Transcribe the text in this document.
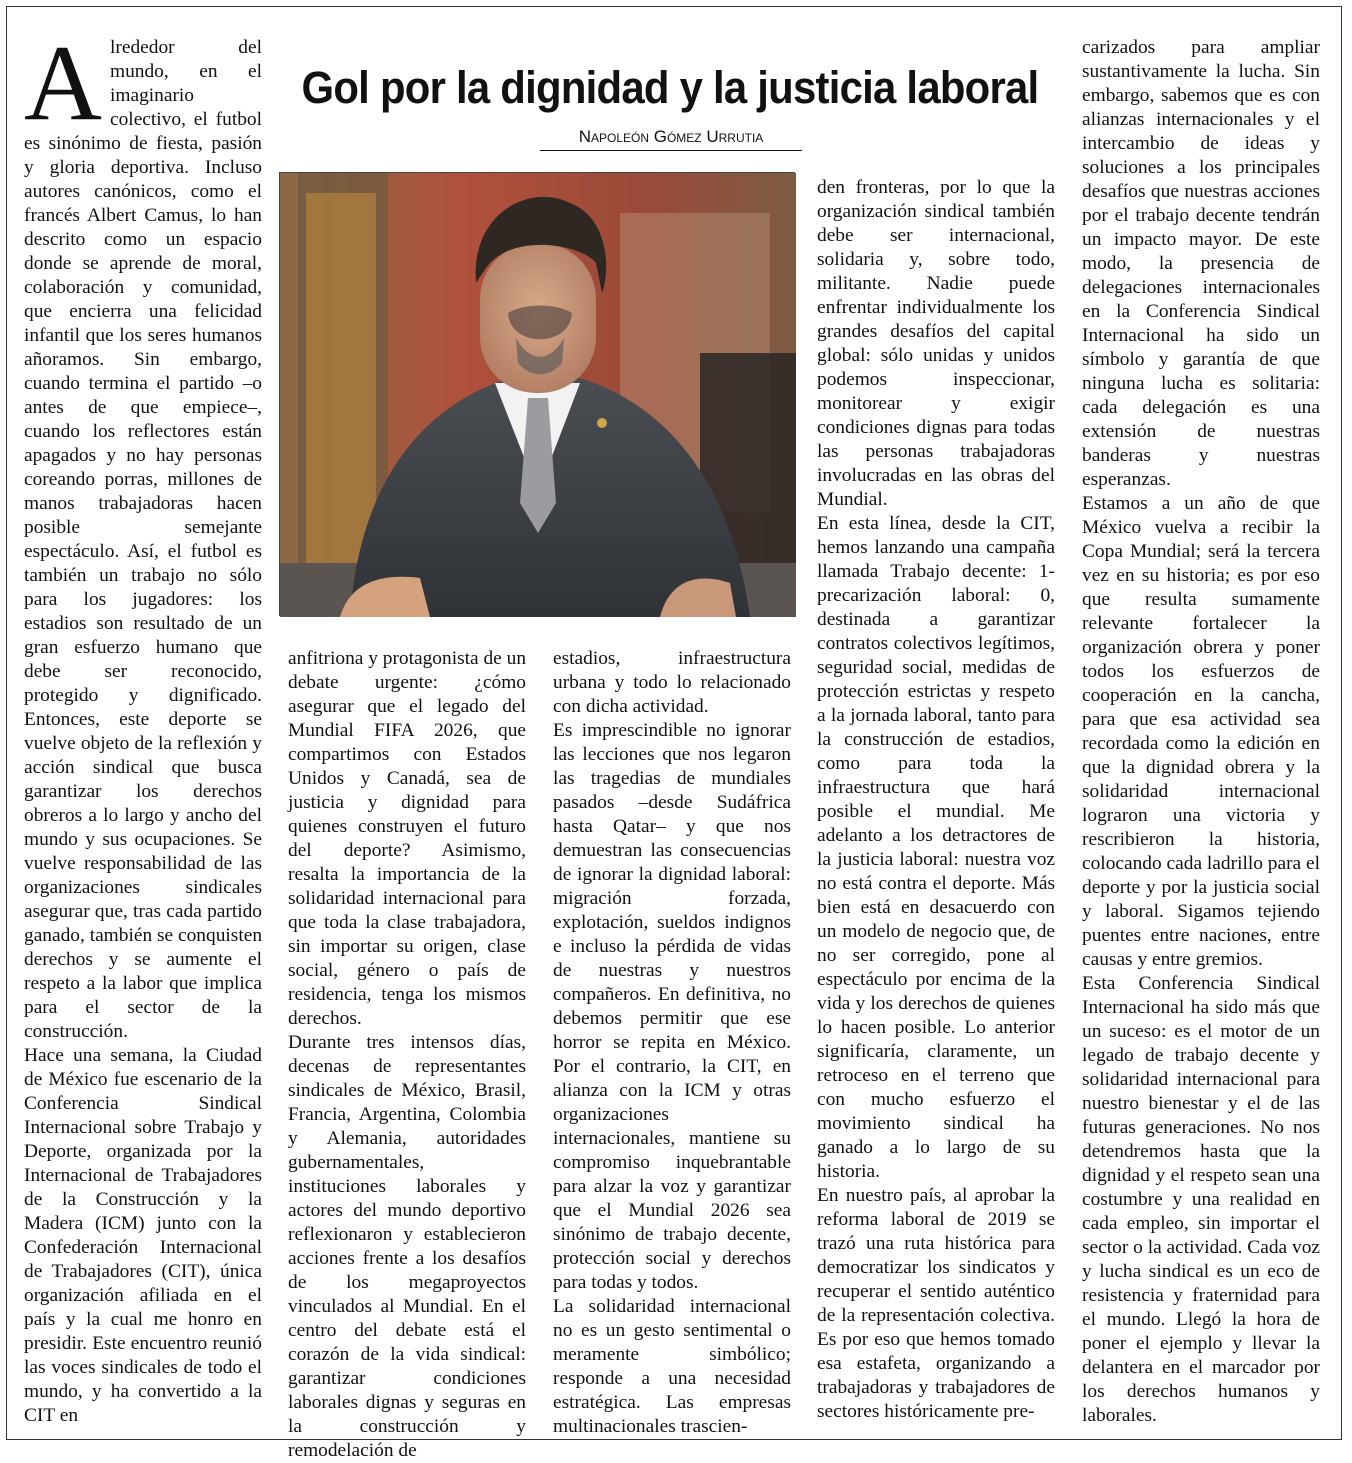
Gol por la dignidad y la justicia laboral
Napoleón Gómez Urrutia
A lrededor del mundo, en el imaginario colectivo, el futbol es sinónimo de fiesta, pasión y gloria deportiva. Incluso autores canónicos, como el francés Albert Camus, lo han descrito como un espacio donde se aprende de moral, colaboración y comunidad, que encierra una felicidad infantil que los seres humanos añoramos. Sin embargo, cuando termina el partido –o antes de que empiece–, cuando los reflectores están apagados y no hay personas coreando porras, millones de manos trabajadoras hacen posible semejante espectáculo. Así, el futbol es también un trabajo no sólo para los jugadores: los estadios son resultado de un gran esfuerzo humano que debe ser reconocido, protegido y dignificado. Entonces, este deporte se vuelve objeto de la reflexión y acción sindical que busca garantizar los derechos obreros a lo largo y ancho del mundo y sus ocupaciones. Se vuelve responsabilidad de las organizaciones sindicales asegurar que, tras cada partido ganado, también se conquisten derechos y se aumente el respeto a la labor que implica para el sector de la construcción.

Hace una semana, la Ciudad de México fue escenario de la Conferencia Sindical Internacional sobre Trabajo y Deporte, organizada por la Internacional de Trabajadores de la Construcción y la Madera (ICM) junto con la Confederación Internacional de Trabajadores (CIT), única organización afiliada en el país y la cual me honro en presidir. Este encuentro reunió las voces sindicales de todo el mundo, y ha convertido a la CIT en

anfitriona y protagonista de un debate urgente: ¿cómo asegurar que el legado del Mundial FIFA 2026, que compartimos con Estados Unidos y Canadá, sea de justicia y dignidad para quienes construyen el futuro del deporte? Asimismo, resalta la importancia de la solidaridad internacional para que toda la clase trabajadora, sin importar su origen, clase social, género o país de residencia, tenga los mismos derechos.

Durante tres intensos días, decenas de representantes sindicales de México, Brasil, Francia, Argentina, Colombia y Alemania, autoridades gubernamentales, instituciones laborales y actores del mundo deportivo reflexionaron y establecieron acciones frente a los desafíos de los megaproyectos vinculados al Mundial. En el centro del debate está el corazón de la vida sindical: garantizar condiciones laborales dignas y seguras en la construcción y remodelación de

estadios, infraestructura urbana y todo lo relacionado con dicha actividad.

Es imprescindible no ignorar las lecciones que nos legaron las tragedias de mundiales pasados –desde Sudáfrica hasta Qatar– y que nos demuestran las consecuencias de ignorar la dignidad laboral: migración forzada, explotación, sueldos indignos e incluso la pérdida de vidas de nuestras y nuestros compañeros. En definitiva, no debemos permitir que ese horror se repita en México. Por el contrario, la CIT, en alianza con la ICM y otras organizaciones internacionales, mantiene su compromiso inquebrantable para alzar la voz y garantizar que el Mundial 2026 sea sinónimo de trabajo decente, protección social y derechos para todas y todos.

La solidaridad internacional no es un gesto sentimental o meramente simbólico; responde a una necesidad estratégica. Las empresas multinacionales trascien-

den fronteras, por lo que la organización sindical también debe ser internacional, solidaria y, sobre todo, militante. Nadie puede enfrentar individualmente los grandes desafíos del capital global: sólo unidas y unidos podemos inspeccionar, monitorear y exigir condiciones dignas para todas las personas trabajadoras involucradas en las obras del Mundial.

En esta línea, desde la CIT, hemos lanzando una campaña llamada Trabajo decente: 1-precarización laboral: 0, destinada a garantizar contratos colectivos legítimos, seguridad social, medidas de protección estrictas y respeto a la jornada laboral, tanto para la construcción de estadios, como para toda la infraestructura que hará posible el mundial. Me adelanto a los detractores de la justicia laboral: nuestra voz no está contra el deporte. Más bien está en desacuerdo con un modelo de negocio que, de no ser corregido, pone al espectáculo por encima de la vida y los derechos de quienes lo hacen posible. Lo anterior significaría, claramente, un retroceso en el terreno que con mucho esfuerzo el movimiento sindical ha ganado a lo largo de su historia.

En nuestro país, al aprobar la reforma laboral de 2019 se trazó una ruta histórica para democratizar los sindicatos y recuperar el sentido auténtico de la representación colectiva. Es por eso que hemos tomado esa estafeta, organizando a trabajadoras y trabajadores de sectores históricamente pre-

carizados para ampliar sustantivamente la lucha. Sin embargo, sabemos que es con alianzas internacionales y el intercambio de ideas y soluciones a los principales desafíos que nuestras acciones por el trabajo decente tendrán un impacto mayor. De este modo, la presencia de delegaciones internacionales en la Conferencia Sindical Internacional ha sido un símbolo y garantía de que ninguna lucha es solitaria: cada delegación es una extensión de nuestras banderas y nuestras esperanzas.

Estamos a un año de que México vuelva a recibir la Copa Mundial; será la tercera vez en su historia; es por eso que resulta sumamente relevante fortalecer la organización obrera y poner todos los esfuerzos de cooperación en la cancha, para que esa actividad sea recordada como la edición en que la dignidad obrera y la solidaridad internacional lograron una victoria y rescribieron la historia, colocando cada ladrillo para el deporte y por la justicia social y laboral. Sigamos tejiendo puentes entre naciones, entre causas y entre gremios.

Esta Conferencia Sindical Internacional ha sido más que un suceso: es el motor de un legado de trabajo decente y solidaridad internacional para nuestro bienestar y el de las futuras generaciones. No nos detendremos hasta que la dignidad y el respeto sean una costumbre y una realidad en cada empleo, sin importar el sector o la actividad. Cada voz y lucha sindical es un eco de resistencia y fraternidad para el mundo. Llegó la hora de poner el ejemplo y llevar la delantera en el marcador por los derechos humanos y laborales.
